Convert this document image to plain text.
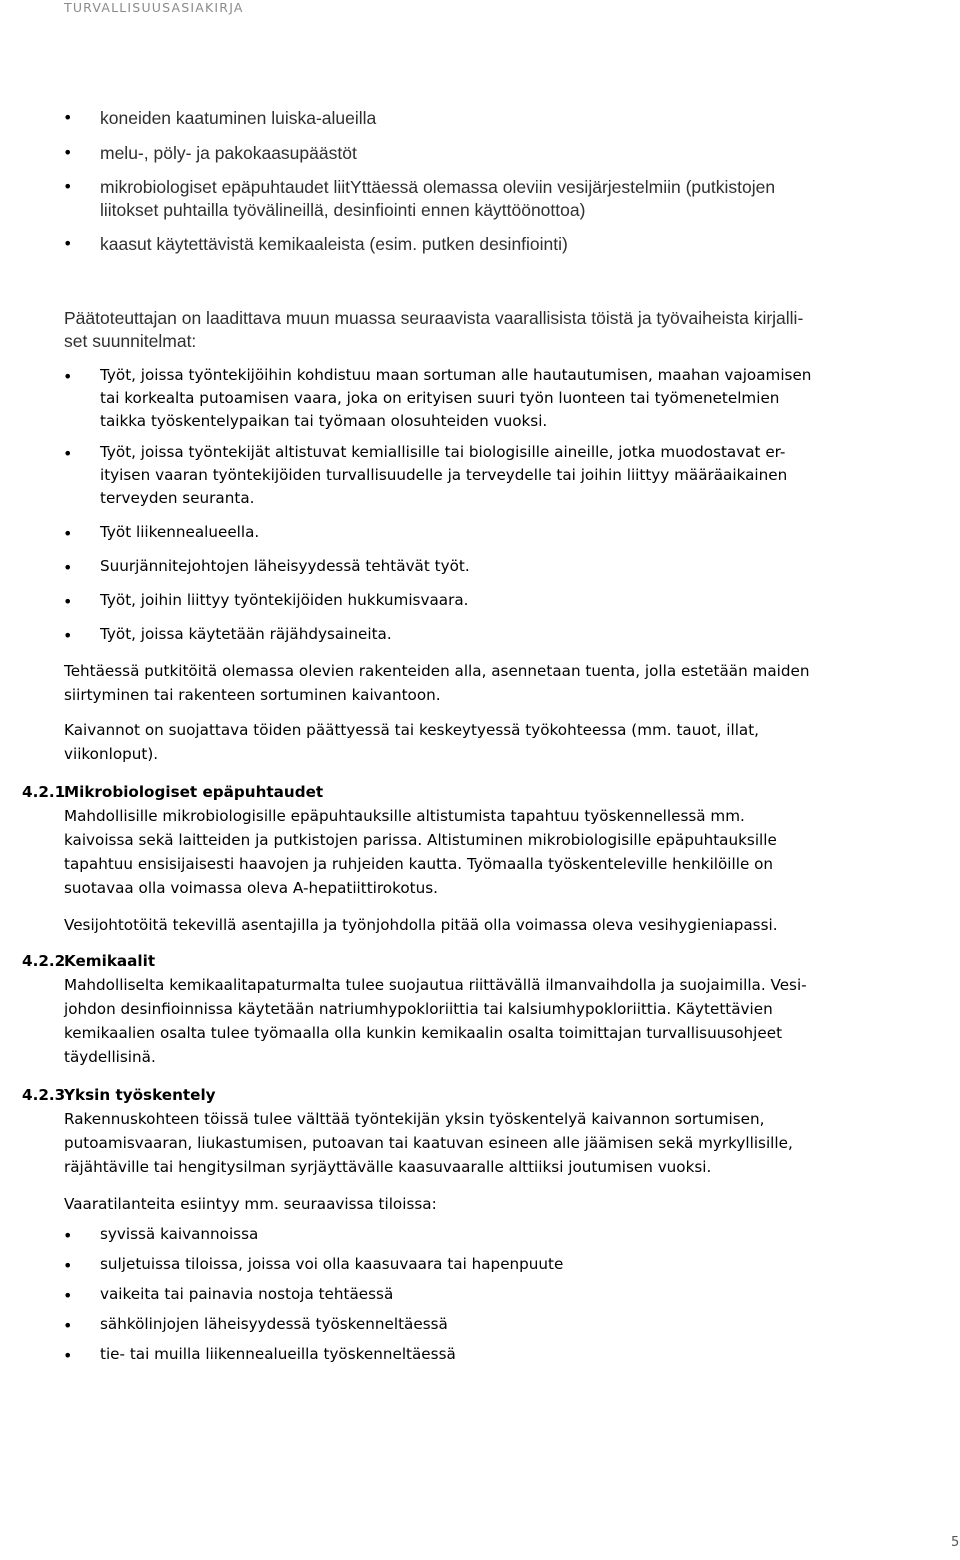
TURVALLISUUSASIAKIRJA
• koneiden kaatuminen luiska-alueilla
• melu-, pöly- ja pakokaasupäästöt
• mikrobiologiset epäpuhtaudet liitYttäessä olemassa oleviin vesijärjestelmiin (putkistojen
liitokset puhtailla työvälineillä, desinfiointi ennen käyttöönottoa)
• kaasut käytettävistä kemikaaleista (esim. putken desinfiointi)
Päätoteuttajan on laadittava muun muassa seuraavista vaarallisista töistä ja työvaiheista kirjalli-
set suunnitelmat:
• Työt, joissa työntekijöihin kohdistuu maan sortuman alle hautautumisen, maahan vajoamisen
tai korkealta putoamisen vaara, joka on erityisen suuri työn luonteen tai työmenetelmien
taikka työskentelypaikan tai työmaan olosuhteiden vuoksi.
• Työt, joissa työntekijät altistuvat kemiallisille tai biologisille aineille, jotka muodostavat er-
ityisen vaaran työntekijöiden turvallisuudelle ja terveydelle tai joihin liittyy määräaikainen
terveyden seuranta.
• Työt liikennealueella.
• Suurjännitejohtojen läheisyydessä tehtävät työt.
• Työt, joihin liittyy työntekijöiden hukkumisvaara.
• Työt, joissa käytetään räjähdysaineita.
Tehtäessä putkitöitä olemassa olevien rakenteiden alla, asennetaan tuenta, jolla estetään maiden
siirtyminen tai rakenteen sortuminen kaivantoon.
Kaivannot on suojattava töiden päättyessä tai keskeytyessä työkohteessa (mm. tauot, illat,
viikonloput).
4.2.1
Mikrobiologiset epäpuhtaudet
Mahdollisille mikrobiologisille epäpuhtauksille altistumista tapahtuu työskennellessä mm.
kaivoissa sekä laitteiden ja putkistojen parissa. Altistuminen mikrobiologisille epäpuhtauksille
tapahtuu ensisijaisesti haavojen ja ruhjeiden kautta. Työmaalla työskenteleville henkilöille on
suotavaa olla voimassa oleva A-hepatiittirokotus.
Vesijohtotöitä tekevillä asentajilla ja työnjohdolla pitää olla voimassa oleva vesihygieniapassi.
4.2.2
Kemikaalit
Mahdolliselta kemikaalitapaturmalta tulee suojautua riittävällä ilmanvaihdolla ja suojaimilla. Vesi-
johdon desinfioinnissa käytetään natriumhypokloriittia tai kalsiumhypokloriittia. Käytettävien
kemikaalien osalta tulee työmaalla olla kunkin kemikaalin osalta toimittajan turvallisuusohjeet
täydellisinä.
4.2.3
Yksin työskentely
Rakennuskohteen töissä tulee välttää työntekijän yksin työskentelyä kaivannon sortumisen,
putoamisvaaran, liukastumisen, putoavan tai kaatuvan esineen alle jäämisen sekä myrkyllisille,
räjähtäville tai hengitysilman syrjäyttävälle kaasuvaaralle alttiiksi joutumisen vuoksi.
Vaaratilanteita esiintyy mm. seuraavissa tiloissa:
• syvissä kaivannoissa
• suljetuissa tiloissa, joissa voi olla kaasuvaara tai hapenpuute
• vaikeita tai painavia nostoja tehtäessä
• sähkölinjojen läheisyydessä työskenneltäessä
• tie- tai muilla liikennealueilla työskenneltäessä
5
